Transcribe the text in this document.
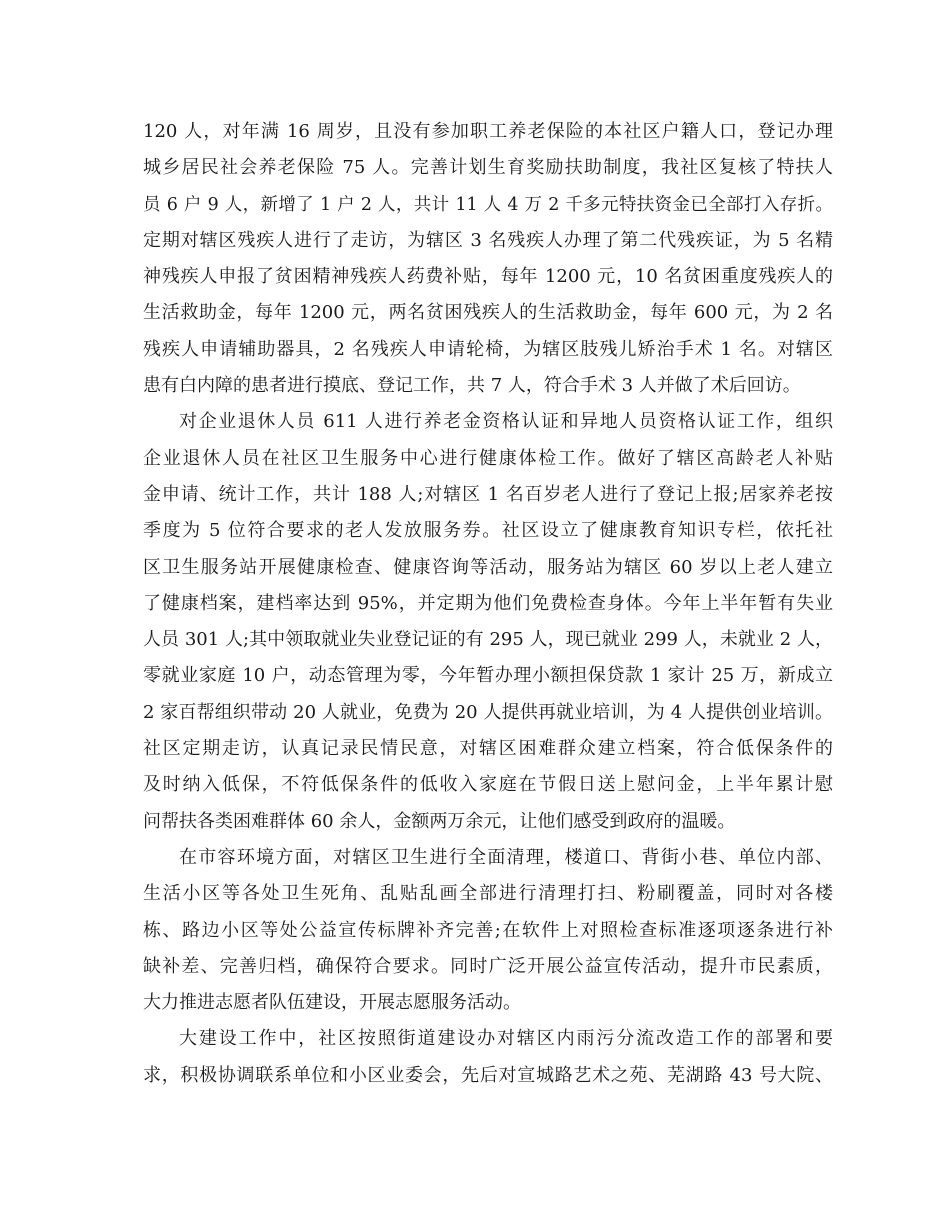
120 人，对年满 16 周岁，且没有参加职工养老保险的本社区户籍人口，登记办理
城乡居民社会养老保险 75 人。完善计划生育奖励扶助制度，我社区复核了特扶人
员 6 户 9 人，新增了 1 户 2 人，共计 11 人 4 万 2 千多元特扶资金已全部打入存折。
定期对辖区残疾人进行了走访，为辖区 3 名残疾人办理了第二代残疾证，为 5 名精
神残疾人申报了贫困精神残疾人药费补贴，每年 1200 元，10 名贫困重度残疾人的
生活救助金，每年 1200 元，两名贫困残疾人的生活救助金，每年 600 元，为 2 名
残疾人申请辅助器具，2 名残疾人申请轮椅，为辖区肢残儿矫治手术 1 名。对辖区
患有白内障的患者进行摸底、登记工作，共 7 人，符合手术 3 人并做了术后回访。
对企业退休人员 611 人进行养老金资格认证和异地人员资格认证工作，组织
企业退休人员在社区卫生服务中心进行健康体检工作。做好了辖区高龄老人补贴
金申请、统计工作，共计 188 人;对辖区 1 名百岁老人进行了登记上报;居家养老按
季度为 5 位符合要求的老人发放服务券。社区设立了健康教育知识专栏，依托社
区卫生服务站开展健康检查、健康咨询等活动，服务站为辖区 60 岁以上老人建立
了健康档案，建档率达到 95%，并定期为他们免费检查身体。今年上半年暂有失业
人员 301 人;其中领取就业失业登记证的有 295 人，现已就业 299 人，未就业 2 人，
零就业家庭 10 户，动态管理为零，今年暂办理小额担保贷款 1 家计 25 万，新成立
2 家百帮组织带动 20 人就业，免费为 20 人提供再就业培训，为 4 人提供创业培训。
社区定期走访，认真记录民情民意，对辖区困难群众建立档案，符合低保条件的
及时纳入低保，不符低保条件的低收入家庭在节假日送上慰问金，上半年累计慰
问帮扶各类困难群体 60 余人，金额两万余元，让他们感受到政府的温暖。
在市容环境方面，对辖区卫生进行全面清理，楼道口、背街小巷、单位内部、
生活小区等各处卫生死角、乱贴乱画全部进行清理打扫、粉刷覆盖，同时对各楼
栋、路边小区等处公益宣传标牌补齐完善;在软件上对照检查标准逐项逐条进行补
缺补差、完善归档，确保符合要求。同时广泛开展公益宣传活动，提升市民素质，
大力推进志愿者队伍建设，开展志愿服务活动。
大建设工作中，社区按照街道建设办对辖区内雨污分流改造工作的部署和要
求，积极协调联系单位和小区业委会，先后对宣城路艺术之苑、芜湖路 43 号大院、
